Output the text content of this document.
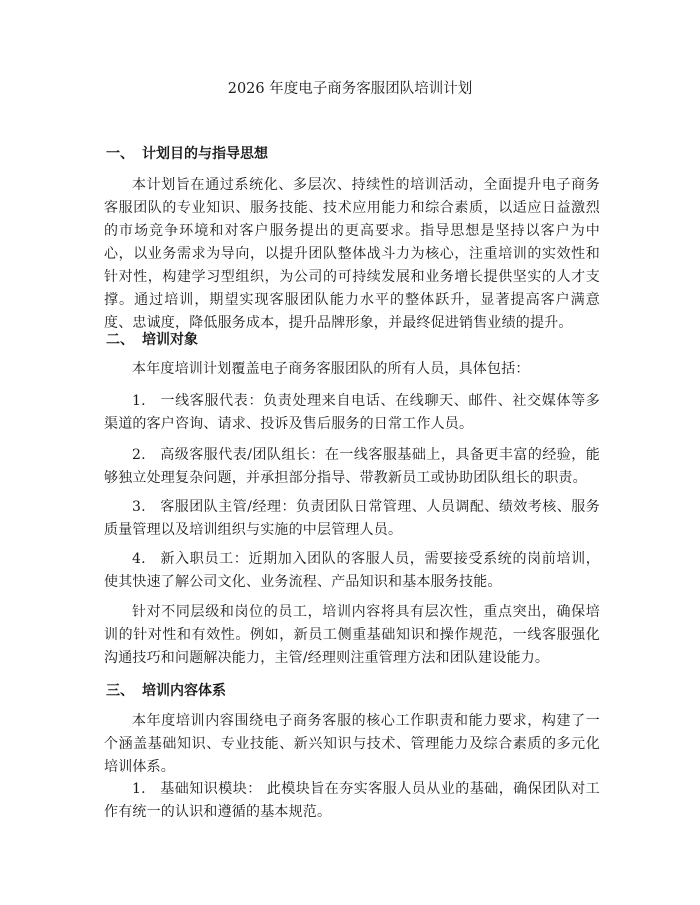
2026 年度电子商务客服团队培训计划
一、 计划目的与指导思想
本计划旨在通过系统化、多层次、持续性的培训活动，全面提升电子商务客服团队的专业知识、服务技能、技术应用能力和综合素质，以适应日益激烈的市场竞争环境和对客户服务提出的更高要求。指导思想是坚持以客户为中心，以业务需求为导向，以提升团队整体战斗力为核心，注重培训的实效性和针对性，构建学习型组织，为公司的可持续发展和业务增长提供坚实的人才支撑。通过培训，期望实现客服团队能力水平的整体跃升，显著提高客户满意度、忠诚度，降低服务成本，提升品牌形象，并最终促进销售业绩的提升。
二、 培训对象
本年度培训计划覆盖电子商务客服团队的所有人员，具体包括：
1. 一线客服代表：负责处理来自电话、在线聊天、邮件、社交媒体等多渠道的客户咨询、请求、投诉及售后服务的日常工作人员。
2. 高级客服代表/团队组长：在一线客服基础上，具备更丰富的经验，能够独立处理复杂问题，并承担部分指导、带教新员工或协助团队组长的职责。
3. 客服团队主管/经理：负责团队日常管理、人员调配、绩效考核、服务质量管理以及培训组织与实施的中层管理人员。
4. 新入职员工：近期加入团队的客服人员，需要接受系统的岗前培训，使其快速了解公司文化、业务流程、产品知识和基本服务技能。
针对不同层级和岗位的员工，培训内容将具有层次性，重点突出，确保培训的针对性和有效性。例如，新员工侧重基础知识和操作规范，一线客服强化沟通技巧和问题解决能力，主管/经理则注重管理方法和团队建设能力。
三、 培训内容体系
本年度培训内容围绕电子商务客服的核心工作职责和能力要求，构建了一个涵盖基础知识、专业技能、新兴知识与技术、管理能力及综合素质的多元化培训体系。
1. 基础知识模块： 此模块旨在夯实客服人员从业的基础，确保团队对工作有统一的认识和遵循的基本规范。
